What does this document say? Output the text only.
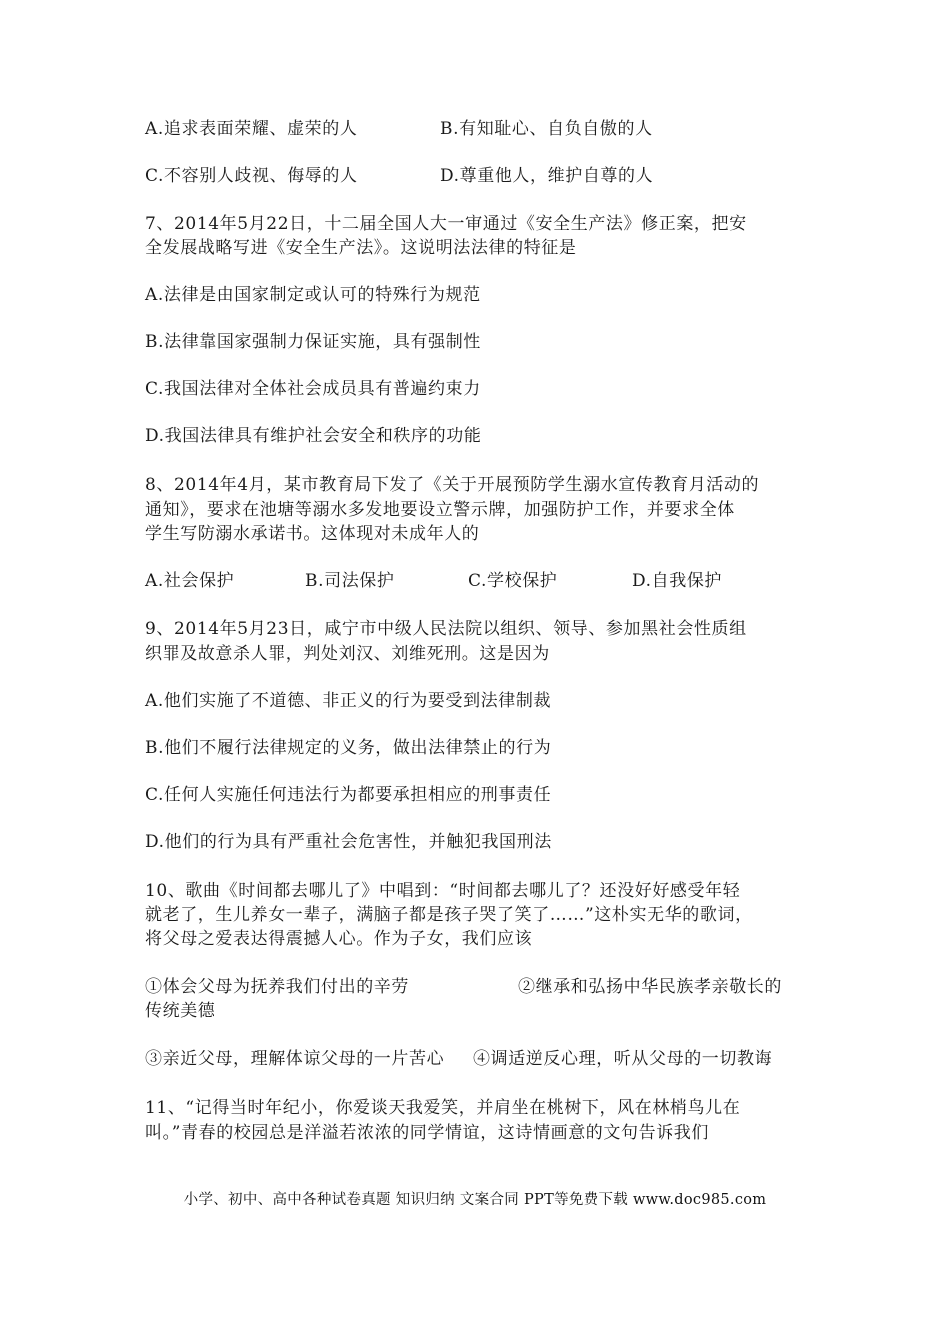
A.追求表面荣耀、虚荣的人	B.有知耻心、自负自傲的人
C.不容别人歧视、侮辱的人	D.尊重他人，维护自尊的人
7、2014年5月22日，十二届全国人大一审通过《安全生产法》修正案，把安
全发展战略写进《安全生产法》。这说明法法律的特征是
A.法律是由国家制定或认可的特殊行为规范
B.法律靠国家强制力保证实施，具有强制性
C.我国法律对全体社会成员具有普遍约束力
D.我国法律具有维护社会安全和秩序的功能
8、2014年4月，某市教育局下发了《关于开展预防学生溺水宣传教育月活动的
通知》，要求在池塘等溺水多发地要设立警示牌，加强防护工作，并要求全体
学生写防溺水承诺书。这体现对未成年人的
A.社会保护	B.司法保护	C.学校保护	D.自我保护
9、2014年5月23日，咸宁市中级人民法院以组织、领导、参加黑社会性质组
织罪及故意杀人罪，判处刘汉、刘维死刑。这是因为
A.他们实施了不道德、非正义的行为要受到法律制裁
B.他们不履行法律规定的义务，做出法律禁止的行为
C.任何人实施任何违法行为都要承担相应的刑事责任
D.他们的行为具有严重社会危害性，并触犯我国刑法
10、歌曲《时间都去哪儿了》中唱到：“时间都去哪儿了？还没好好感受年轻
就老了，生儿养女一辈子，满脑子都是孩子哭了笑了……”这朴实无华的歌词，
将父母之爱表达得震撼人心。作为子女，我们应该
①体会父母为抚养我们付出的辛劳	②继承和弘扬中华民族孝亲敬长的
传统美德
③亲近父母，理解体谅父母的一片苦心 ④调适逆反心理，听从父母的一切教诲
11、“记得当时年纪小，你爱谈天我爱笑，并肩坐在桃树下，风在林梢鸟儿在
叫。”青春的校园总是洋溢若浓浓的同学情谊，这诗情画意的文句告诉我们
小学、初中、高中各种试卷真题 知识归纳 文案合同 PPT等免费下载 www.doc985.com
